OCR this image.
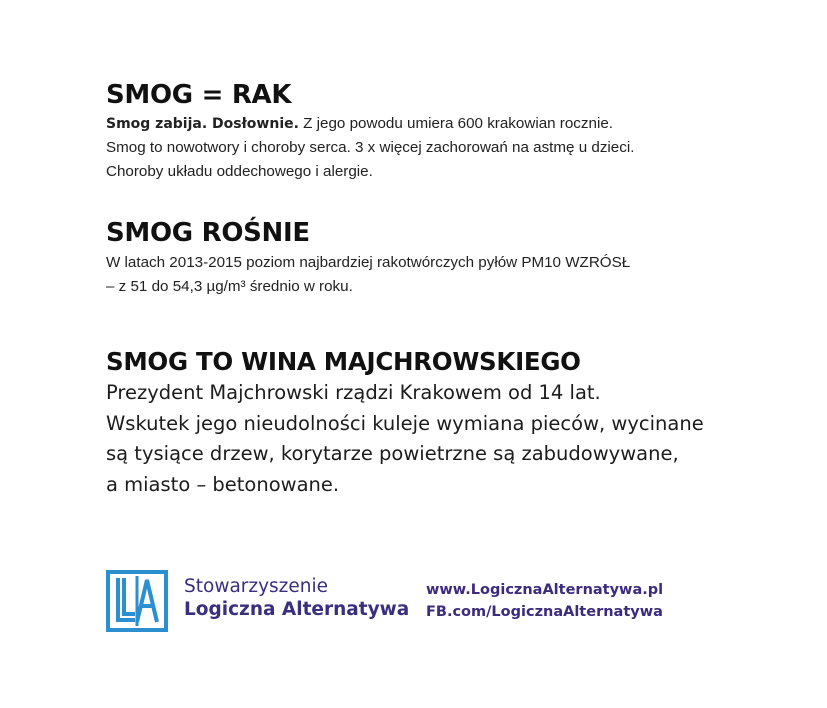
SMOG = RAK

Smog zabija. Dosłownie. Z jego powodu umiera 600 krakowian rocznie.

Smog to nowotwory i choroby serca. 3 x więcej zachorowań na astmę u dzieci.

Choroby układu oddechowego i alergie.

SMOG ROŚNIE

W latach 2013-2015 poziom najbardziej rakotwórczych pyłów PM10 WZRÓSŁ

– z 51 do 54,3 µg/m³ średnio w roku.

SMOG TO WINA MAJCHROWSKIEGO

Prezydent Majchrowski rządzi Krakowem od 14 lat.

Wskutek jego nieudolności kuleje wymiana pieców, wycinane

są tysiące drzew, korytarze powietrzne są zabudowywane,

a miasto – betonowane.

Stowarzyszenie
Logiczna Alternatywa
www.LogicznaAlternatywa.pl
FB.com/LogicznaAlternatywa
